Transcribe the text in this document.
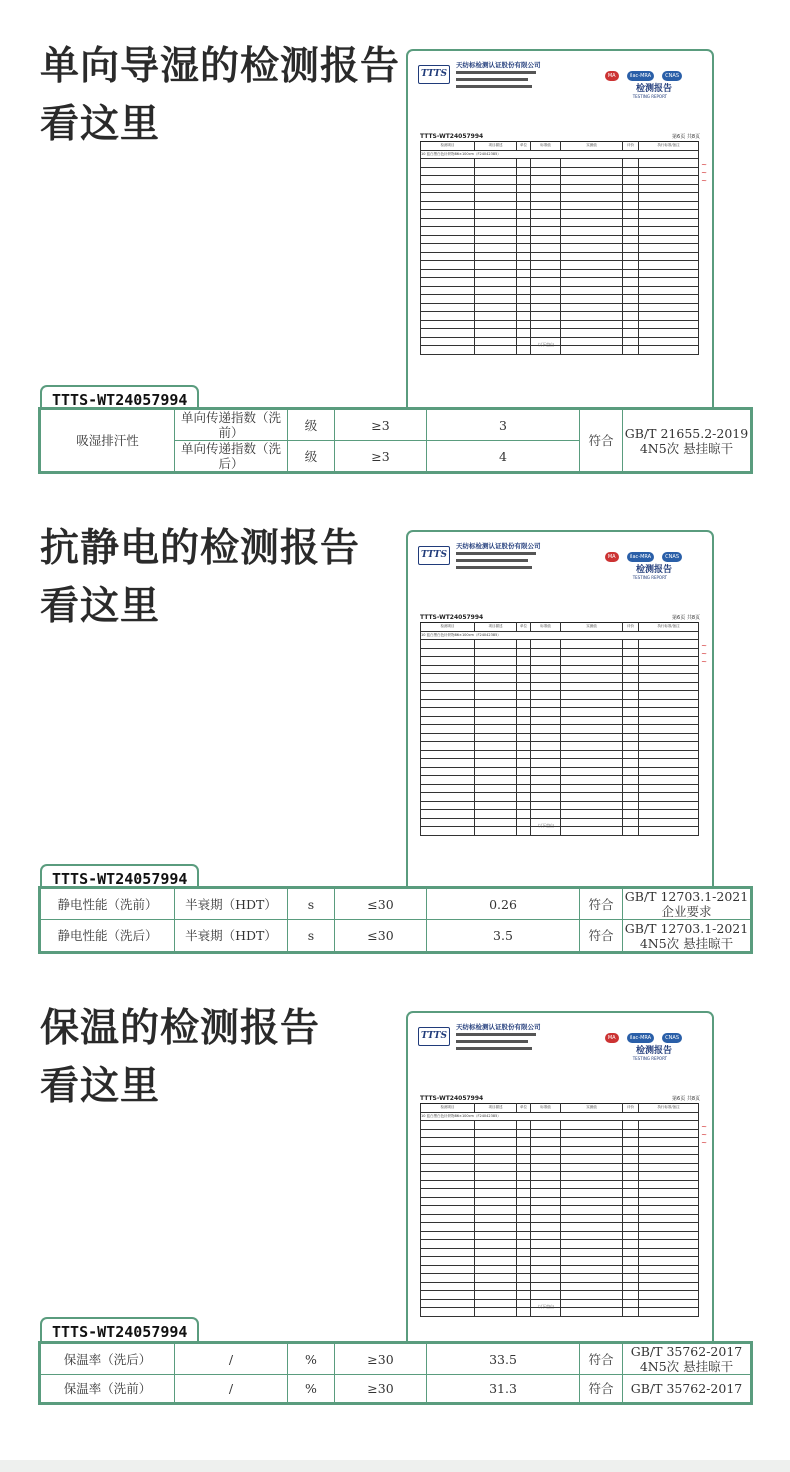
单向导湿的检测报告
看这里
TTTS
天纺标检测认证股份有限公司
MA	ilac-MRA	CNAS
检测报告
TESTING REPORT
TTTS-WT24057994	第6页 共8页
检测项目	项目描述	单位	标准值	实测值	评价	执行标准/备注
10 蓝白黑白色针织物86×100cm（F24042385）						

以下空白
~
~
~
TTTS-WT24057994
吸湿排汗性	单向传递指数（洗前）	级	≥3	3	符合	GB/T 21655.2-2019 4N5次 悬挂晾干
	单向传递指数（洗后）	级	≥3	4		
抗静电的检测报告
看这里
TTTS
天纺标检测认证股份有限公司
MA	ilac-MRA	CNAS
检测报告
TESTING REPORT
TTTS-WT24057994	第6页 共8页
检测项目	项目描述	单位	标准值	实测值	评价	执行标准/备注
10 蓝白黑白色针织物86×100cm（F24042385）						

以下空白
~
~
~
TTTS-WT24057994
静电性能（洗前）	半衰期（HDT）	s	≤30	0.26	符合	GB/T 12703.1-2021 企业要求
静电性能（洗后）	半衰期（HDT）	s	≤30	3.5	符合	GB/T 12703.1-2021 4N5次 悬挂晾干
保温的检测报告
看这里
TTTS
天纺标检测认证股份有限公司
MA	ilac-MRA	CNAS
检测报告
TESTING REPORT
TTTS-WT24057994	第6页 共8页
检测项目	项目描述	单位	标准值	实测值	评价	执行标准/备注
10 蓝白黑白色针织物86×100cm（F24042385）						

以下空白
~
~
~
TTTS-WT24057994
保温率（洗后）	/	%	≥30	33.5	符合	GB/T 35762-2017 4N5次 悬挂晾干
保温率（洗前）	/	%	≥30	31.3	符合	GB/T 35762-2017
